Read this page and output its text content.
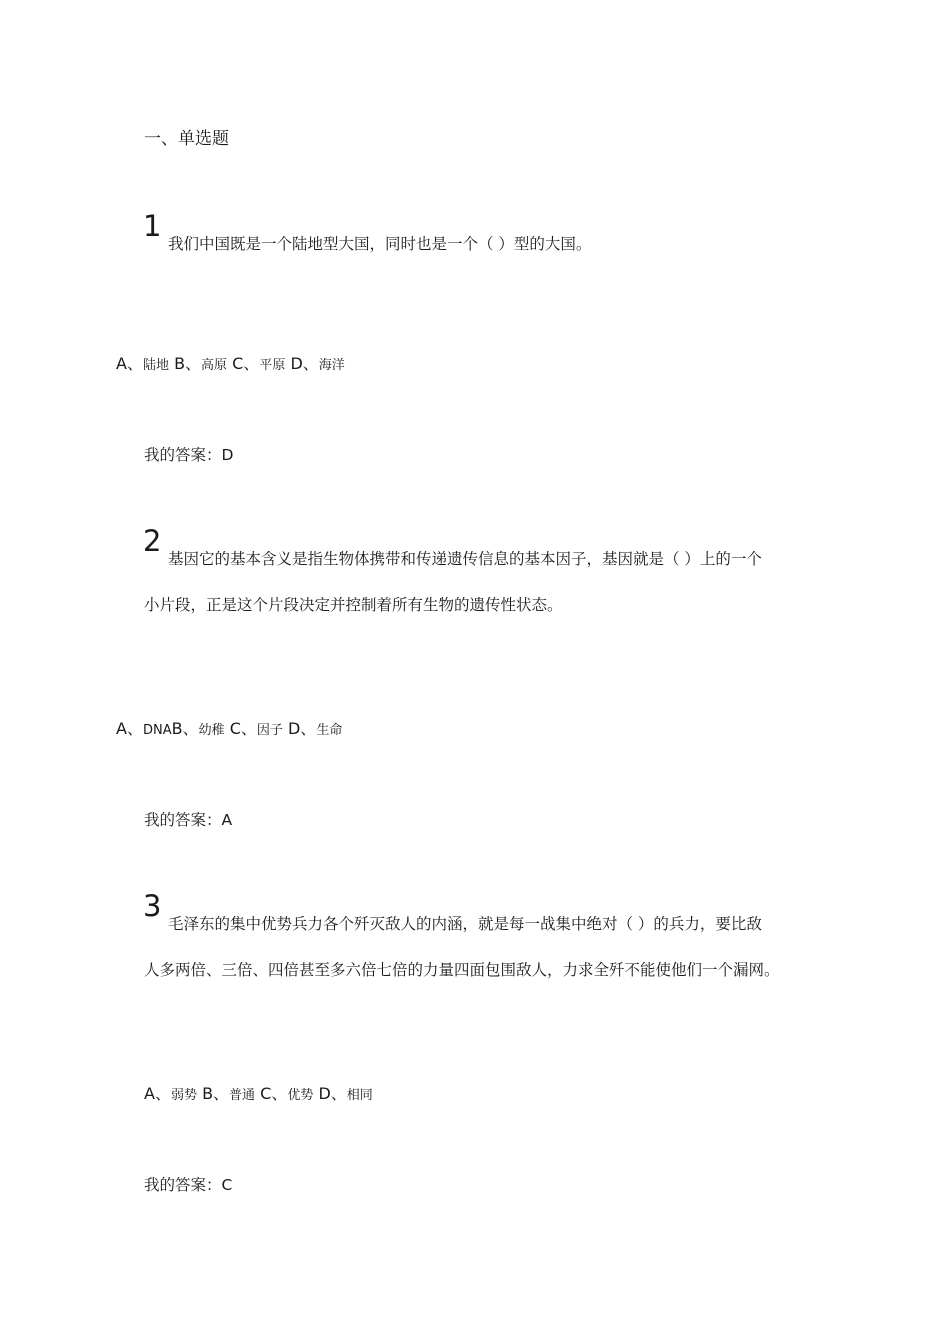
一、单选题
1
我们中国既是一个陆地型大国，同时也是一个（ ）型的大国。
A、陆地 B、高原 C、平原 D、海洋
我的答案：D
2
基因它的基本含义是指生物体携带和传递遗传信息的基本因子，基因就是（ ）上的一个
小片段，正是这个片段决定并控制着所有生物的遗传性状态。
A、DNAB、幼稚 C、因子 D、生命
我的答案：A
3
毛泽东的集中优势兵力各个歼灭敌人的内涵，就是每一战集中绝对（ ）的兵力，要比敌
人多两倍、三倍、四倍甚至多六倍七倍的力量四面包围敌人，力求全歼不能使他们一个漏网。
A、弱势 B、普通 C、优势 D、相同
我的答案：C
